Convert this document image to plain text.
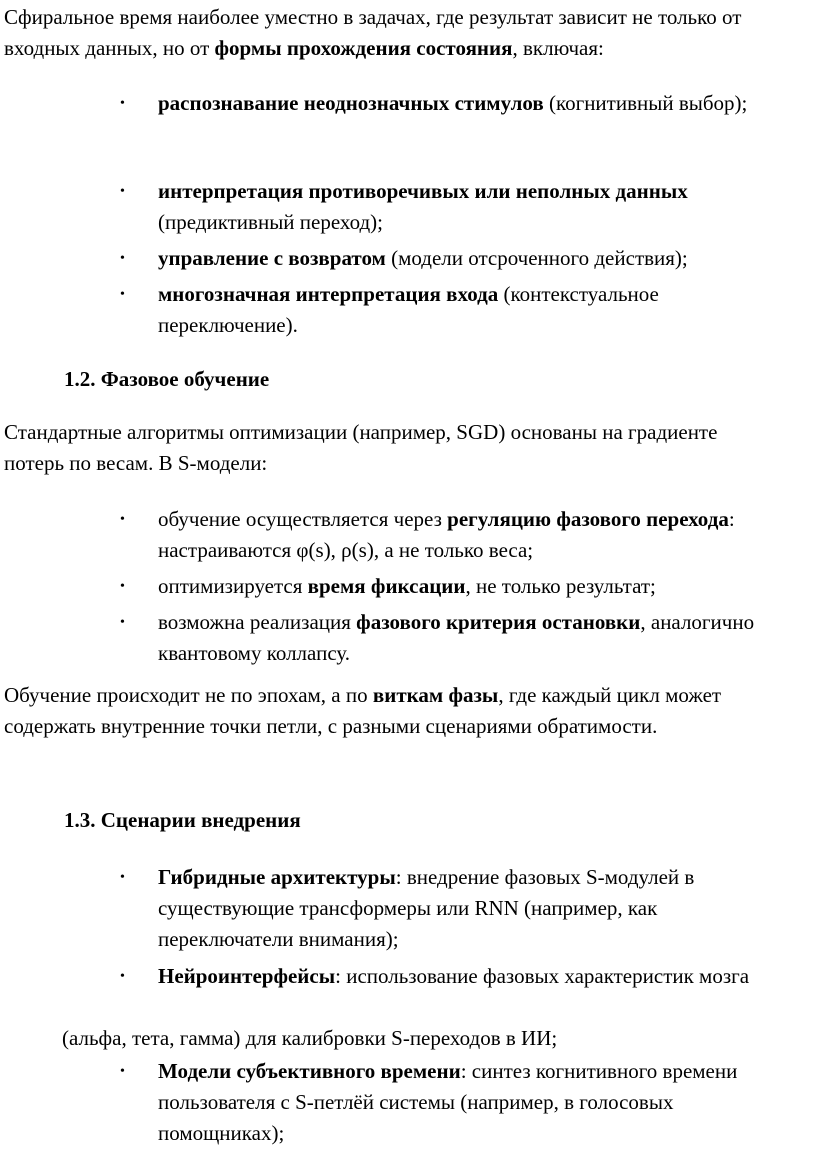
Сфиральное время наиболее уместно в задачах, где результат зависит не только от входных данных, но от формы прохождения состояния, включая:

• распознавание неоднозначных стимулов (когнитивный выбор);
• интерпретация противоречивых или неполных данных (предиктивный переход);
• управление с возвратом (модели отсроченного действия);
• многозначная интерпретация входа (контекстуальное переключение).
1.2. Фазовое обучение

Стандартные алгоритмы оптимизации (например, SGD) основаны на градиенте потерь по весам. В S-модели:

• обучение осуществляется через регуляцию фазового перехода: настраиваются φ(s), ρ(s), а не только веса;
• оптимизируется время фиксации, не только результат;
• возможна реализация фазового критерия остановки, аналогично квантовому коллапсу.

Обучение происходит не по эпохам, а по виткам фазы, где каждый цикл может содержать внутренние точки петли, с разными сценариями обратимости.

1.3. Сценарии внедрения
• Гибридные архитектуры: внедрение фазовых S-модулей в существующие трансформеры или RNN (например, как переключатели внимания);
• Нейроинтерфейсы: использование фазовых характеристик мозга

(альфа, тета, гамма) для калибровки S-переходов в ИИ;

• Модели субъективного времени: синтез когнитивного времени пользователя с S-петлёй системы (например, в голосовых помощниках);
